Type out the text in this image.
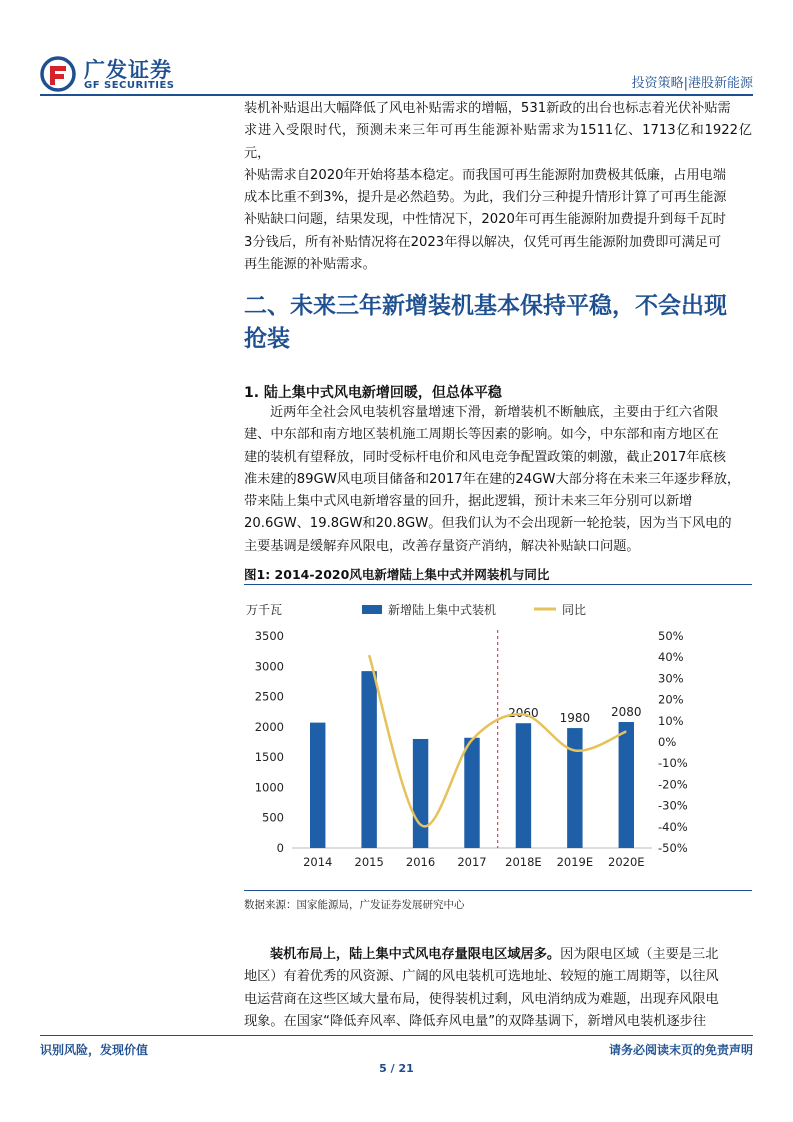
广发证券
GF SECURITIES	投资策略|港股新能源
装机补贴退出大幅降低了风电补贴需求的增幅，531新政的出台也标志着光伏补贴需
求进入受限时代，预测未来三年可再生能源补贴需求为1511亿、1713亿和1922亿元，
补贴需求自2020年开始将基本稳定。而我国可再生能源附加费极其低廉，占用电端
成本比重不到3%，提升是必然趋势。为此，我们分三种提升情形计算了可再生能源
补贴缺口问题，结果发现，中性情况下，2020年可再生能源附加费提升到每千瓦时
3分钱后，所有补贴情况将在2023年得以解决，仅凭可再生能源附加费即可满足可
再生能源的补贴需求。
二、未来三年新增装机基本保持平稳，不会出现
抢装
1. 陆上集中式风电新增回暖，但总体平稳
近两年全社会风电装机容量增速下滑，新增装机不断触底，主要由于红六省限
建、中东部和南方地区装机施工周期长等因素的影响。如今，中东部和南方地区在
建的装机有望释放，同时受标杆电价和风电竞争配置政策的刺激，截止2017年底核
准未建的89GW风电项目储备和2017年在建的24GW大部分将在未来三年逐步释放，
带来陆上集中式风电新增容量的回升，据此逻辑，预计未来三年分别可以新增
20.6GW、19.8GW和20.8GW。但我们认为不会出现新一轮抢装，因为当下风电的
主要基调是缓解弃风限电，改善存量资产消纳，解决补贴缺口问题。
图1: 2014-2020风电新增陆上集中式并网装机与同比
万千瓦	新增陆上集中式装机	同比
0
500
1000
1500
2000
2500
3000
3500
-50%
-40%
-30%
-20%
-10%
0%
10%
20%
30%
40%
50%
2060 1980 2080
2014 2015 2016 2017 2018E 2019E 2020E
数据来源：国家能源局，广发证券发展研究中心
装机布局上，陆上集中式风电存量限电区域居多。因为限电区域（主要是三北
地区）有着优秀的风资源、广阔的风电装机可选地址、较短的施工周期等，以往风
电运营商在这些区域大量布局，使得装机过剩，风电消纳成为难题，出现弃风限电
现象。在国家“降低弃风率、降低弃风电量”的双降基调下，新增风电装机逐步往
识别风险，发现价值	请务必阅读末页的免责声明
5 / 21
